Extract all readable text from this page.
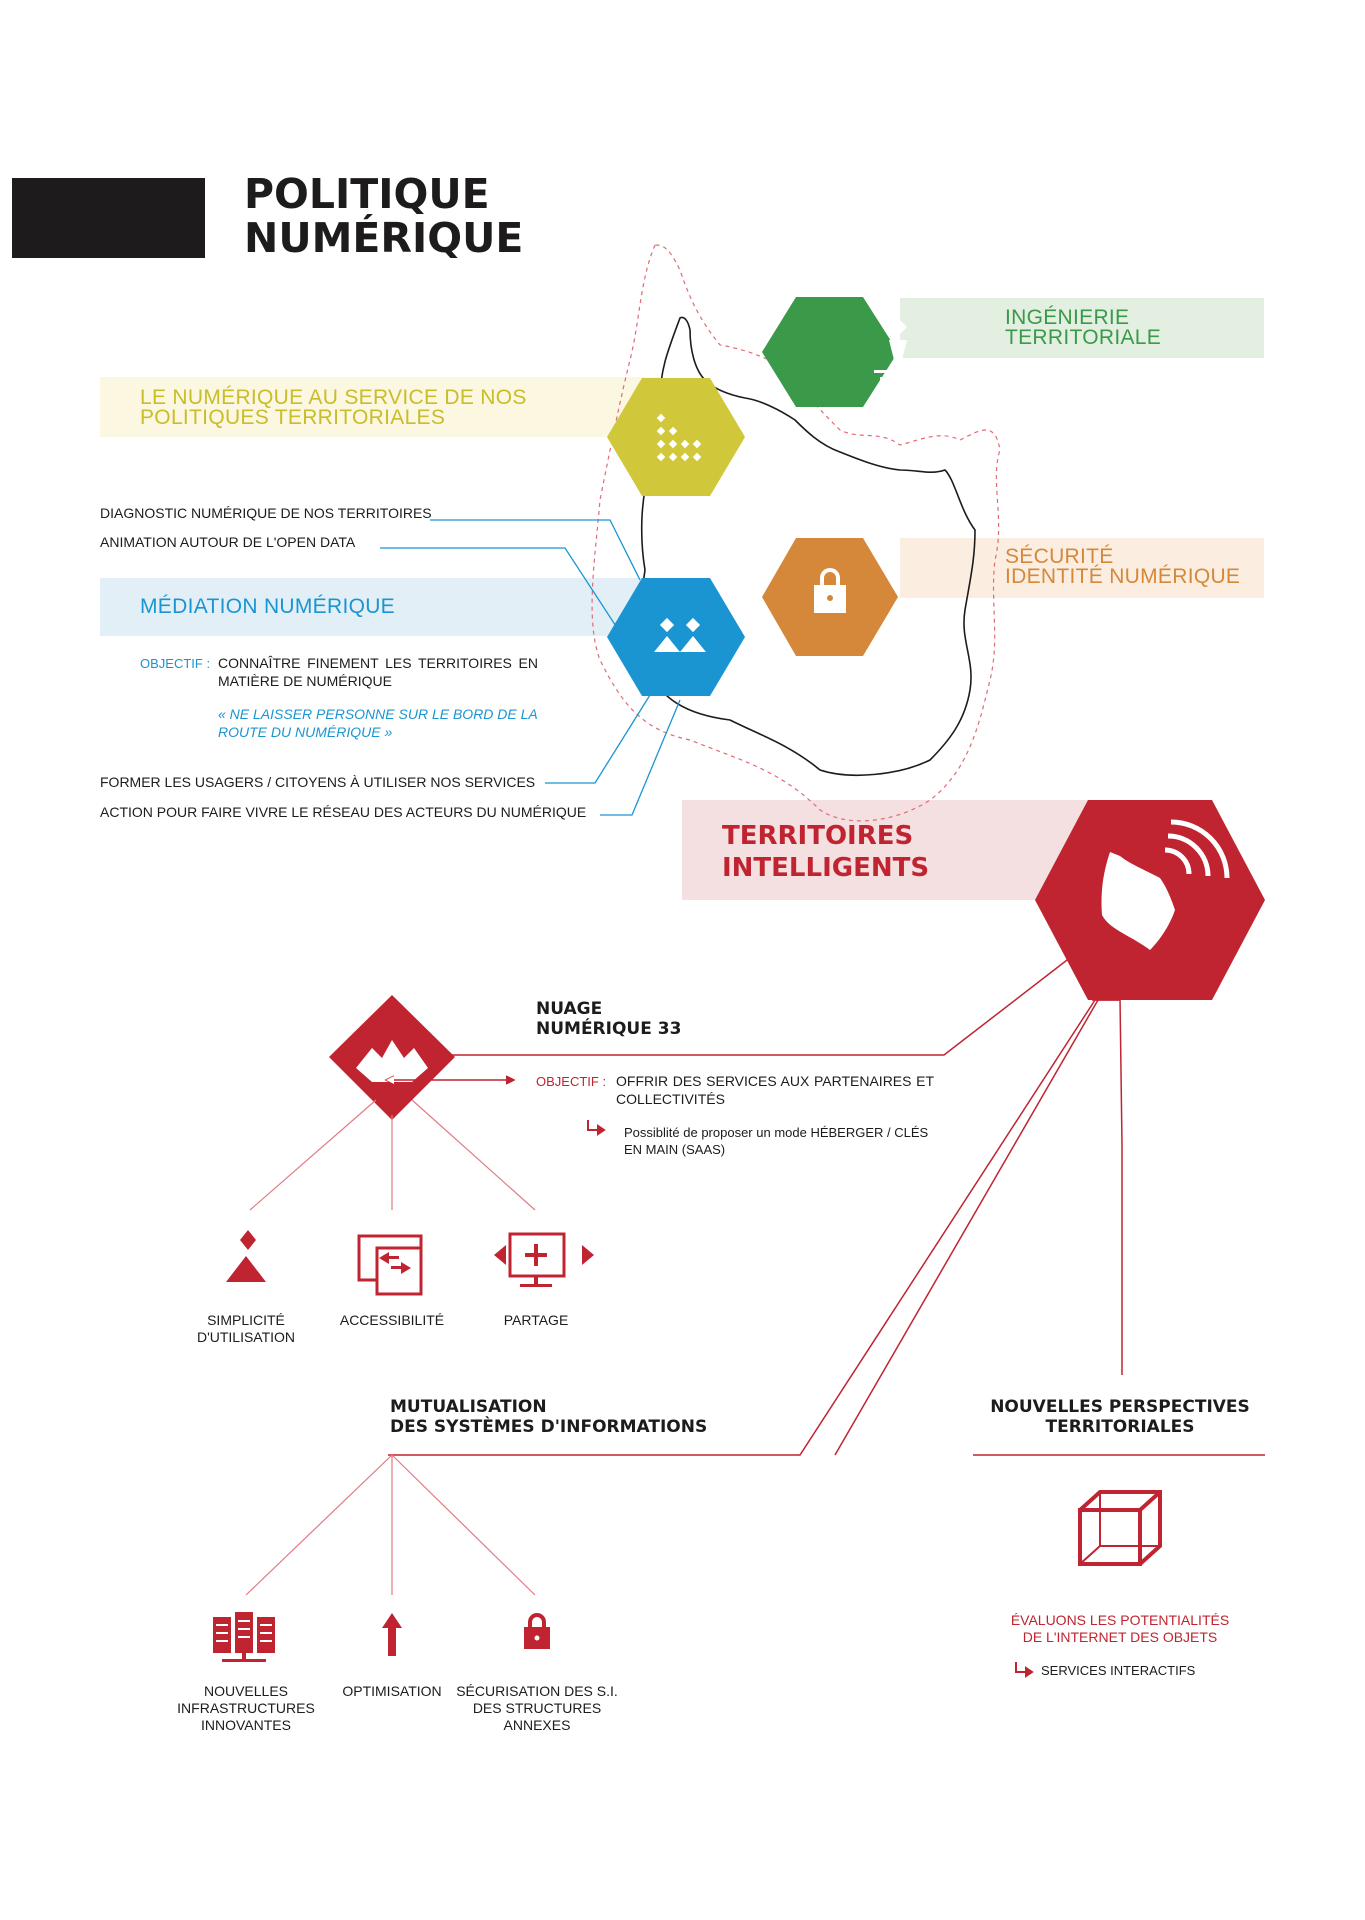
POLITIQUE
NUMÉRIQUE
INGÉNIERIE
TERRITORIALE
LE NUMÉRIQUE AU SERVICE DE NOS
POLITIQUES TERRITORIALES
MÉDIATION NUMÉRIQUE
SÉCURITÉ
IDENTITÉ NUMÉRIQUE
DIAGNOSTIC NUMÉRIQUE DE NOS TERRITOIRES
ANIMATION AUTOUR DE L'OPEN DATA
OBJECTIF : CONNAÎTRE FINEMENT LES TERRITOIRES EN
MATIÈRE DE NUMÉRIQUE
« NE LAISSER PERSONNE SUR LE BORD DE LA
ROUTE DU NUMÉRIQUE »
FORMER LES USAGERS / CITOYENS À UTILISER NOS SERVICES
ACTION POUR FAIRE VIVRE LE RÉSEAU DES ACTEURS DU NUMÉRIQUE
TERRITOIRES
INTELLIGENTS
NUAGE
NUMÉRIQUE 33
OBJECTIF : OFFRIR DES SERVICES AUX PARTENAIRES ET
COLLECTIVITÉS
Possiblité de proposer un mode HÉBERGER / CLÉS
EN MAIN (SAAS)
SIMPLICITÉ
D'UTILISATION
ACCESSIBILITÉ	PARTAGE
MUTUALISATION
DES SYSTÈMES D'INFORMATIONS
NOUVELLES
INFRASTRUCTURES
INNOVANTES
OPTIMISATION	SÉCURISATION DES S.I.
DES STRUCTURES
ANNEXES
NOUVELLES PERSPECTIVES
TERRITORIALES
ÉVALUONS LES POTENTIALITÉS
DE L'INTERNET DES OBJETS
SERVICES INTERACTIFS
